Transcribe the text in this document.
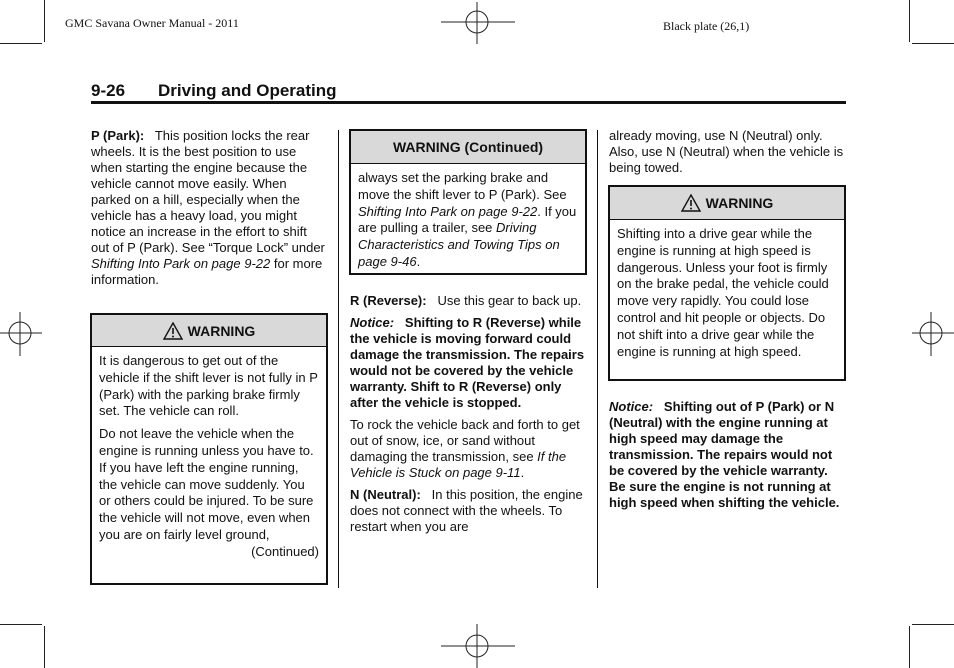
GMC Savana Owner Manual - 2011	Black plate (26,1)
9-26 Driving and Operating

P (Park): This position locks the rear wheels. It is the best position to use when starting the engine because the vehicle cannot move easily. When parked on a hill, especially when the vehicle has a heavy load, you might notice an increase in the effort to shift out of P (Park). See “Torque Lock” under Shifting Into Park on page 9-22 for more information.

WARNING

It is dangerous to get out of the vehicle if the shift lever is not fully in P (Park) with the parking brake firmly set. The vehicle can roll.

Do not leave the vehicle when the engine is running unless you have to. If you have left the engine running, the vehicle can move suddenly. You or others could be injured. To be sure the vehicle will not move, even when you are on fairly level ground,

(Continued)
WARNING (Continued)
always set the parking brake and move the shift lever to P (Park). See Shifting Into Park on page 9-22. If you are pulling a trailer, see Driving Characteristics and Towing Tips on page 9-46.

R (Reverse): Use this gear to back up.

Notice: Shifting to R (Reverse) while the vehicle is moving forward could damage the transmission. The repairs would not be covered by the vehicle warranty. Shift to R (Reverse) only after the vehicle is stopped.

To rock the vehicle back and forth to get out of snow, ice, or sand without damaging the transmission, see If the Vehicle is Stuck on page 9-11.

N (Neutral): In this position, the engine does not connect with the wheels. To restart when you are

already moving, use N (Neutral) only. Also, use N (Neutral) when the vehicle is being towed.

WARNING
Shifting into a drive gear while the engine is running at high speed is dangerous. Unless your foot is firmly on the brake pedal, the vehicle could move very rapidly. You could lose control and hit people or objects. Do not shift into a drive gear while the engine is running at high speed.

Notice: Shifting out of P (Park) or N (Neutral) with the engine running at high speed may damage the transmission. The repairs would not be covered by the vehicle warranty. Be sure the engine is not running at high speed when shifting the vehicle.
